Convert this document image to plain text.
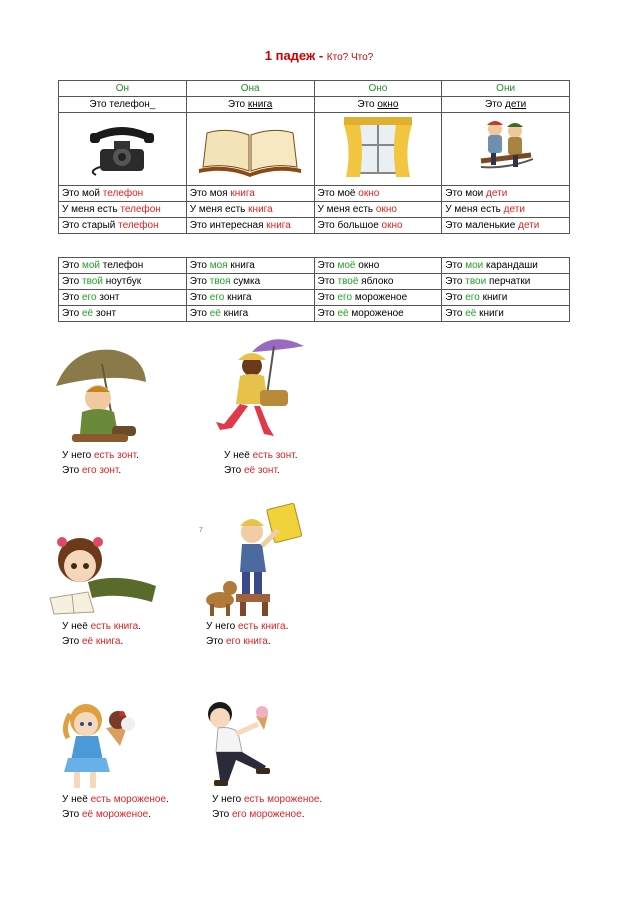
1 падеж - Кто? Что?
Он	Она	Оно	Они
Это телефон_	Это книга	Это окно	Это дети

Это мой телефон	Это моя книга	Это моё окно	Это мои дети
У меня есть телефон	У меня есть книга	У меня есть окно	У меня есть дети
Это старый телефон	Это интересная книга	Это большое окно	Это маленькие дети
Это мой телефон	Это моя книга	Это моё окно	Это мои карандаши
Это твой ноутбук	Это твоя сумка	Это твоё яблоко	Это твои перчатки
Это его зонт	Это его книга	Это его мороженое	Это его книги
Это её зонт	Это её книга	Это её мороженое	Это её книги
У него есть зонт.
Это его зонт.
У неё есть зонт.
Это её зонт.
7
У неё есть книга.
Это её книга.
У него есть книга.
Это его книга.
У неё есть мороженое.
Это её мороженое.
У него есть мороженое.
Это его мороженое.
